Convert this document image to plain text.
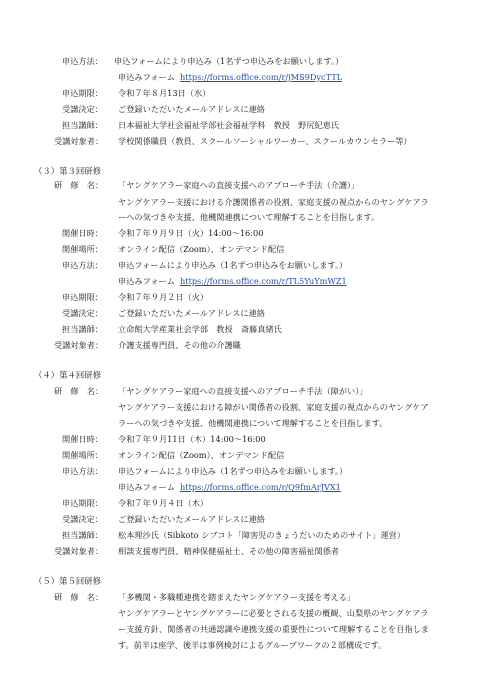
申込方法： 申込フォームにより申込み（1名ずつ申込みをお願いします。）
申込みフォーム https://forms.office.com/r/jMS9DycTTL
申込期限： 令和７年８月13日（水）
受講決定： ご登録いただいたメールアドレスに連絡
担当講師： 日本福祉大学社会福祉学部社会福祉学科　教授　野尻紀恵氏
受講対象者： 学校関係職員（教員、スクールソーシャルワーカー、スクールカウンセラー等）
（３）第３回研修
研　修　名： 「ヤングケアラー家庭への直接支援へのアプローチ手法（介護）」
ヤングケアラー支援における介護関係者の役割、家庭支援の視点からのヤングケアラ
ーへの気づきや支援、他機関連携について理解することを目指します。
開催日時： 令和７年９月９日（火）14:00～16:00
開催場所： オンライン配信（Zoom）、オンデマンド配信
申込方法： 申込フォームにより申込み（1名ずつ申込みをお願いします。）
申込みフォーム https://forms.office.com/r/TL5YuYmWZ1
申込期限： 令和７年９月２日（火）
受講決定： ご登録いただいたメールアドレスに連絡
担当講師： 立命館大学産業社会学部　教授　斎藤真緒氏
受講対象者： 介護支援専門員、その他の介護職
（４）第４回研修
研　修　名： 「ヤングケアラー家庭への直接支援へのアプローチ手法（障がい）」
ヤングケアラー支援における障がい関係者の役割、家庭支援の視点からのヤングケア
ラーへの気づきや支援、他機関連携について理解することを目指します。
開催日時： 令和７年９月11日（木）14:00～16:00
開催場所： オンライン配信（Zoom）、オンデマンド配信
申込方法： 申込フォームにより申込み（1名ずつ申込みをお願いします。）
申込みフォーム https://forms.office.com/r/Q9fmArJVX1
申込期限： 令和７年９月４日（木）
受講決定： ご登録いただいたメールアドレスに連絡
担当講師： 松本理沙氏（Sibkoto シブコト「障害児のきょうだいのためのサイト」運営）
受講対象者： 相談支援専門員、精神保健福祉士、その他の障害福祉関係者
（５）第５回研修
研　修　名： 「多機関・多職種連携を踏まえたヤングケアラー支援を考える」
ヤングケアラーとヤングケアラーに必要とされる支援の概観、山梨県のヤングケアラ
ー支援方針、関係者の共通認識や連携支援の重要性について理解することを目指しま
す。前半は座学、後半は事例検討によるグループワークの２部構成です。
